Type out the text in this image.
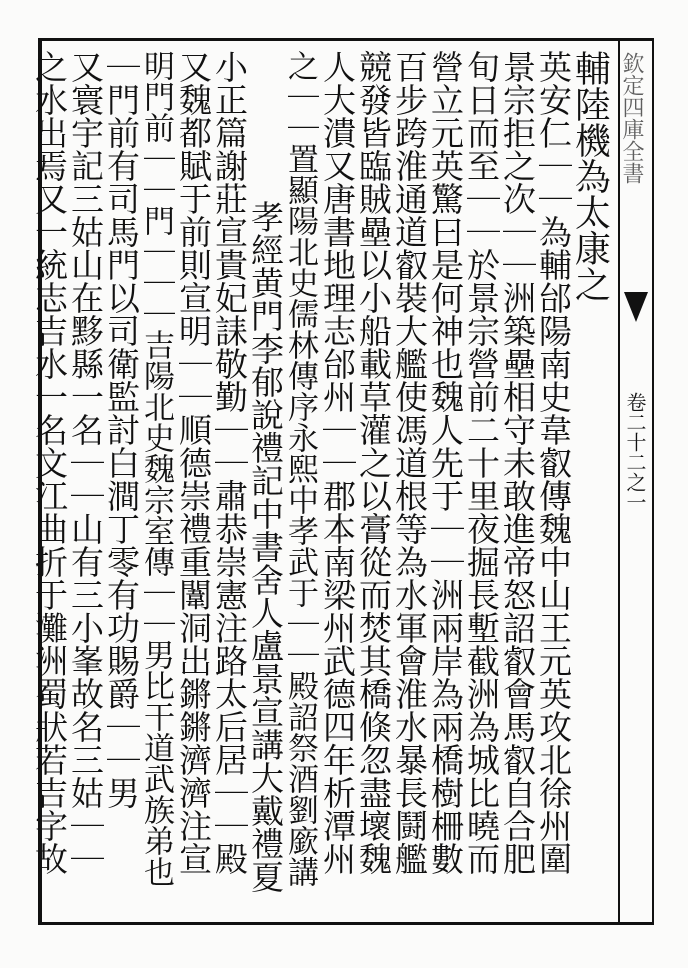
欽定四庫全書
卷二十二之一
輔陸機為太康之
英安仁｜｜為輔邰陽南史韋叡傳魏中山王元英攻北徐州圍
景宗拒之次｜｜洲築壘相守未敢進帝怒詔叡會馬叡自合肥
旬日而至｜｜於景宗營前二十里夜掘長塹截洲為城比曉而
營立元英驚曰是何神也魏人先于｜｜洲兩岸為兩橋樹柵數
百步跨淮通道叡裝大艦使馮道根等為水軍會淮水暴長鬪艦
競發皆臨賊壘以小船載草灌之以膏從而焚其橋倏忽盡壞魏
人大潰又唐書地理志邰州｜｜郡本南梁州武德四年析潭州
之｜｜置顯陽北史儒林傳序永熙中孝武于｜｜殿詔祭酒劉廞講
孝經黄門李郁說禮記中書舍人盧景宣講大戴禮夏
小正篇謝莊宣貴妃誄敬勤｜｜肅恭崇憲注路太后居｜｜殿
又魏都賦于前則宣明｜｜順德崇禮重闈洞出鏘鏘濟濟注宣
明門前｜｜門｜｜｜吉陽北史魏宗室傳｜｜男比干道武族弟也
｜門前有司馬門以司衛監討白澗丁零有功賜爵｜｜男
又寰宇記三姑山在黟縣一名｜｜山有三小峯故名三姑｜｜
之水出焉又一統志吉水一名文江曲折于灘洲蜀狀若吉字故
